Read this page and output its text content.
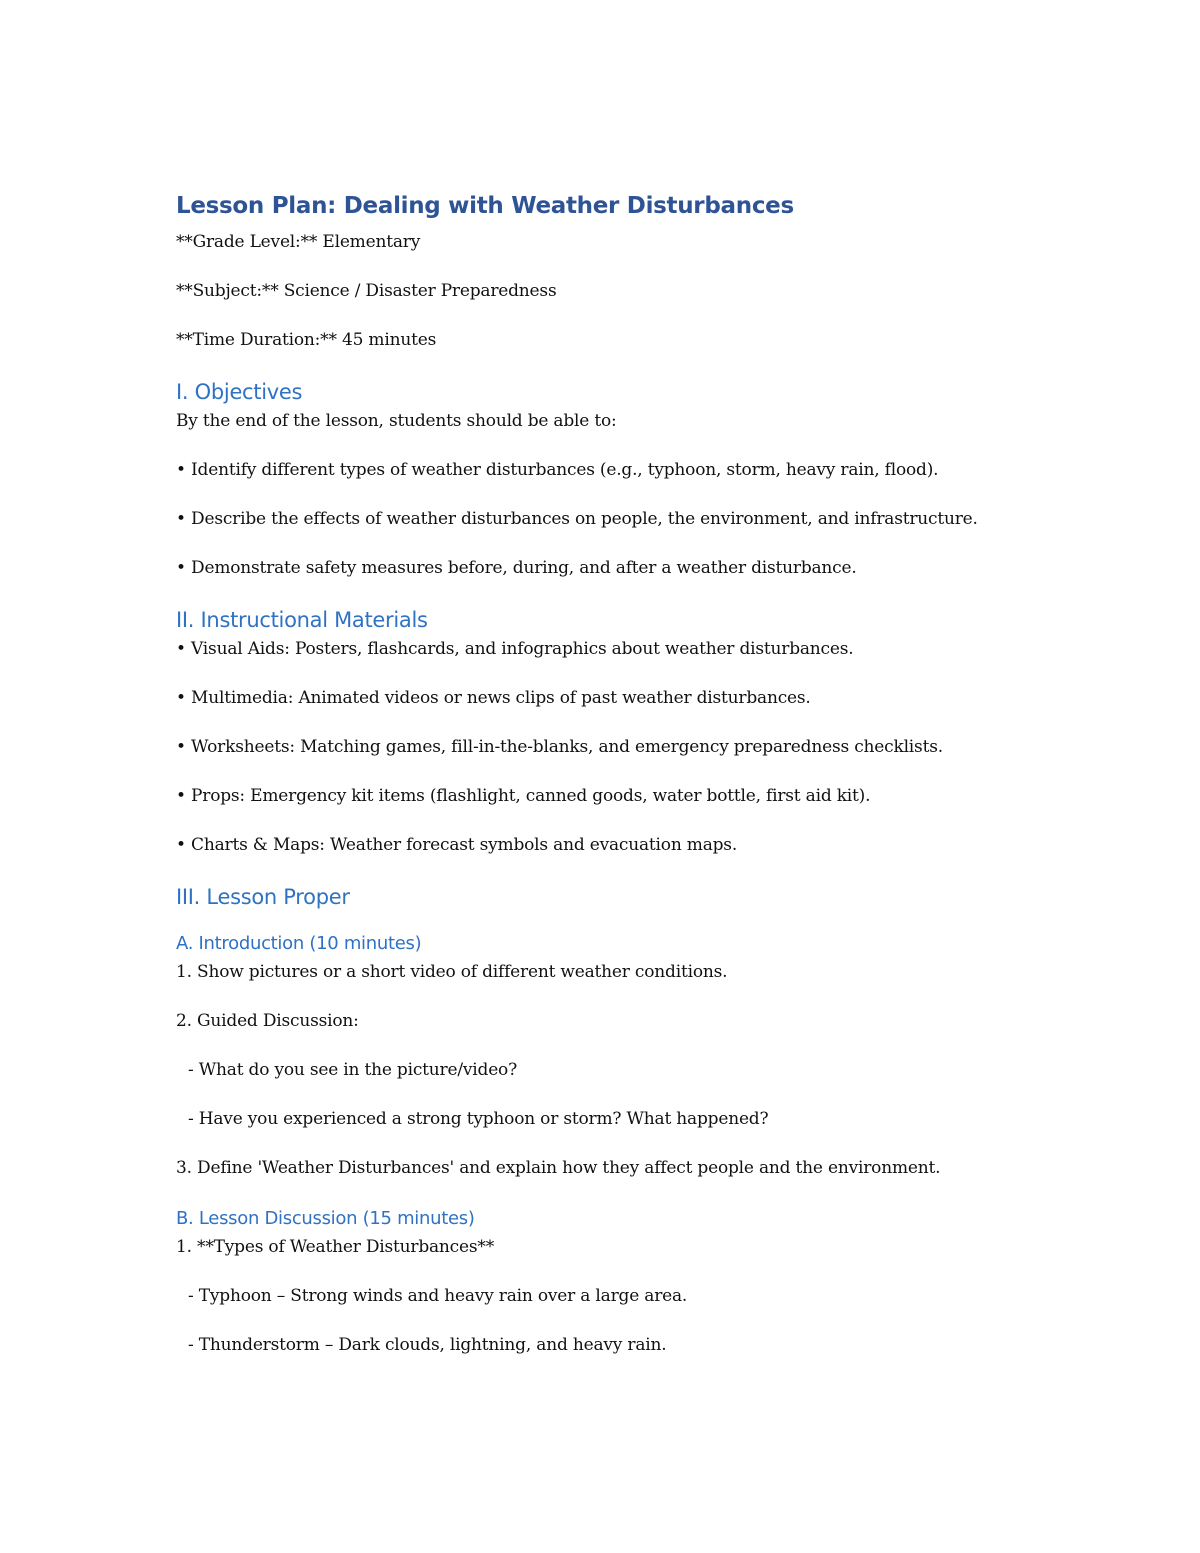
Lesson Plan: Dealing with Weather Disturbances

**Grade Level:** Elementary

**Subject:** Science / Disaster Preparedness

**Time Duration:** 45 minutes

I. Objectives

By the end of the lesson, students should be able to:

• Identify different types of weather disturbances (e.g., typhoon, storm, heavy rain, flood).

• Describe the effects of weather disturbances on people, the environment, and infrastructure.

• Demonstrate safety measures before, during, and after a weather disturbance.

II. Instructional Materials

• Visual Aids: Posters, flashcards, and infographics about weather disturbances.

• Multimedia: Animated videos or news clips of past weather disturbances.

• Worksheets: Matching games, fill-in-the-blanks, and emergency preparedness checklists.

• Props: Emergency kit items (flashlight, canned goods, water bottle, first aid kit).

• Charts & Maps: Weather forecast symbols and evacuation maps.

III. Lesson Proper
A. Introduction (10 minutes)

1. Show pictures or a short video of different weather conditions.

2. Guided Discussion:

- What do you see in the picture/video?

- Have you experienced a strong typhoon or storm? What happened?

3. Define 'Weather Disturbances' and explain how they affect people and the environment.

B. Lesson Discussion (15 minutes)

1. **Types of Weather Disturbances**

- Typhoon – Strong winds and heavy rain over a large area.

- Thunderstorm – Dark clouds, lightning, and heavy rain.
